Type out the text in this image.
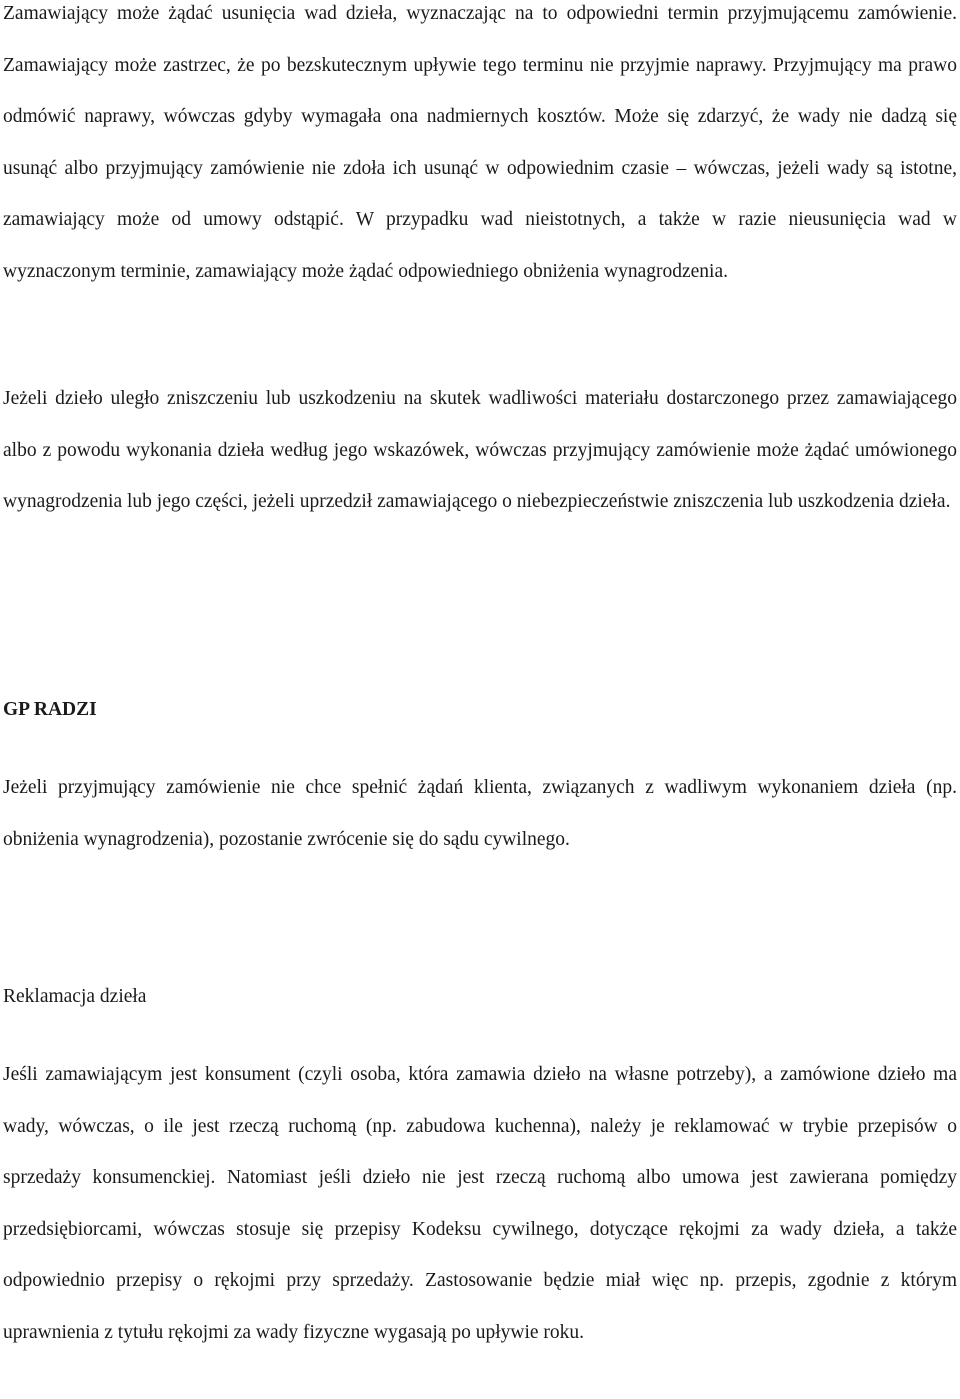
Zamawiający może żądać usunięcia wad dzieła, wyznaczając na to odpowiedni termin przyjmującemu zamówienie. Zamawiający może zastrzec, że po bezskutecznym upływie tego terminu nie przyjmie naprawy. Przyjmujący ma prawo odmówić naprawy, wówczas gdyby wymagała ona nadmiernych kosztów. Może się zdarzyć, że wady nie dadzą się usunąć albo przyjmujący zamówienie nie zdoła ich usunąć w odpowiednim czasie – wówczas, jeżeli wady są istotne, zamawiający może od umowy odstąpić. W przypadku wad nieistotnych, a także w razie nieusunięcia wad w wyznaczonym terminie, zamawiający może żądać odpowiedniego obniżenia wynagrodzenia.

Jeżeli dzieło uległo zniszczeniu lub uszkodzeniu na skutek wadliwości materiału dostarczonego przez zamawiającego albo z powodu wykonania dzieła według jego wskazówek, wówczas przyjmujący zamówienie może żądać umówionego wynagrodzenia lub jego części, jeżeli uprzedził zamawiającego o niebezpieczeństwie zniszczenia lub uszkodzenia dzieła.

GP RADZI

Jeżeli przyjmujący zamówienie nie chce spełnić żądań klienta, związanych z wadliwym wykonaniem dzieła (np. obniżenia wynagrodzenia), pozostanie zwrócenie się do sądu cywilnego.

Reklamacja dzieła

Jeśli zamawiającym jest konsument (czyli osoba, która zamawia dzieło na własne potrzeby), a zamówione dzieło ma wady, wówczas, o ile jest rzeczą ruchomą (np. zabudowa kuchenna), należy je reklamować w trybie przepisów o sprzedaży konsumenckiej. Natomiast jeśli dzieło nie jest rzeczą ruchomą albo umowa jest zawierana pomiędzy przedsiębiorcami, wówczas stosuje się przepisy Kodeksu cywilnego, dotyczące rękojmi za wady dzieła, a także odpowiednio przepisy o rękojmi przy sprzedaży. Zastosowanie będzie miał więc np. przepis, zgodnie z którym uprawnienia z tytułu rękojmi za wady fizyczne wygasają po upływie roku.
